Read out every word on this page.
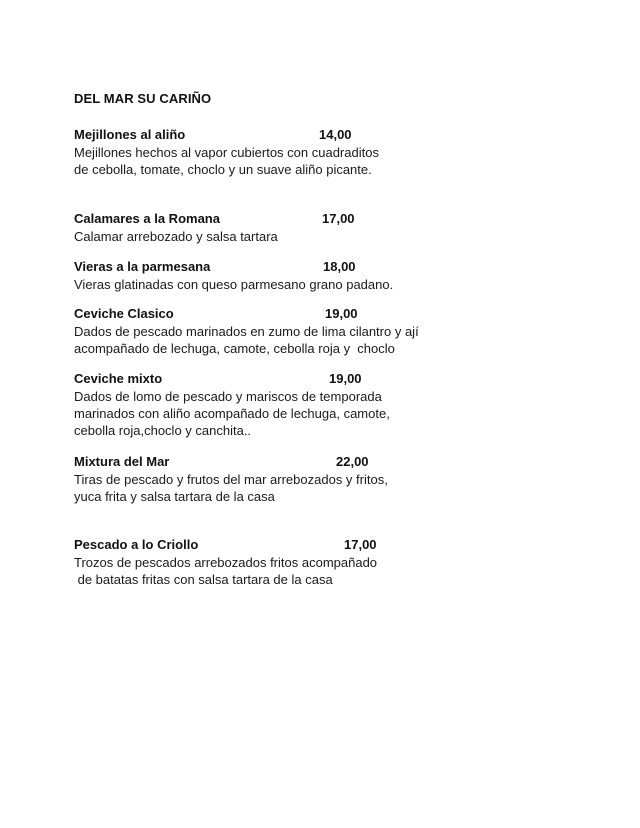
DEL MAR SU CARIÑO
Mejillones al aliño	14,00
Mejillones hechos al vapor cubiertos con cuadraditos
de cebolla, tomate, choclo y un suave aliño picante.
Calamares a la Romana	17,00
Calamar arrebozado y salsa tartara
Vieras a la parmesana	18,00
Vieras glatinadas con queso parmesano grano padano.
Ceviche Clasico	19,00
Dados de pescado marinados en zumo de lima cilantro y ají
acompañado de lechuga, camote, cebolla roja y  choclo
Ceviche mixto	19,00
Dados de lomo de pescado y mariscos de temporada
marinados con aliño acompañado de lechuga, camote,
cebolla roja,choclo y canchita..
Mixtura del Mar	22,00
Tiras de pescado y frutos del mar arrebozados y fritos,
yuca frita y salsa tartara de la casa
Pescado a lo Criollo	17,00
Trozos de pescados arrebozados fritos acompañado
de batatas fritas con salsa tartara de la casa
